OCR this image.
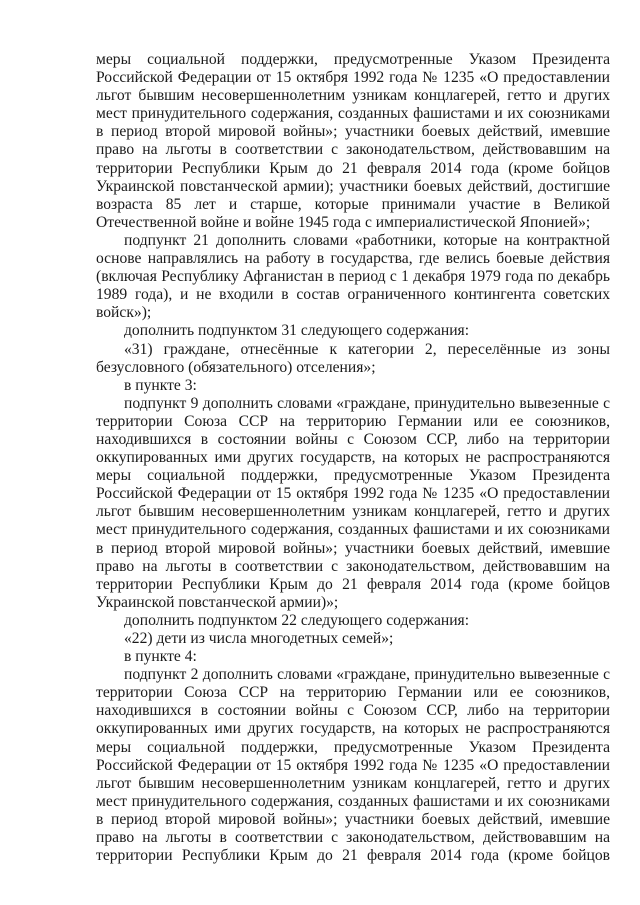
меры социальной поддержки, предусмотренные Указом Президента
Российской Федерации от 15 октября 1992 года № 1235 «О предоставлении
льгот бывшим несовершеннолетним узникам концлагерей, гетто и других
мест принудительного содержания, созданных фашистами и их союзниками
в период второй мировой войны»; участники боевых действий, имевшие
право на льготы в соответствии с законодательством, действовавшим на
территории Республики Крым до 21 февраля 2014 года (кроме бойцов
Украинской повстанческой армии); участники боевых действий, достигшие
возраста 85 лет и старше, которые принимали участие в Великой
Отечественной войне и войне 1945 года с империалистической Японией»;
подпункт 21 дополнить словами «работники, которые на контрактной
основе направлялись на работу в государства, где велись боевые действия
(включая Республику Афганистан в период с 1 декабря 1979 года по декабрь
1989 года), и не входили в состав ограниченного контингента советских
войск»);
дополнить подпунктом 31 следующего содержания:
«31) граждане, отнесённые к категории 2, переселённые из зоны
безусловного (обязательного) отселения»;
в пункте 3:
подпункт 9 дополнить словами «граждане, принудительно вывезенные с
территории Союза ССР на территорию Германии или ее союзников,
находившихся в состоянии войны с Союзом ССР, либо на территории
оккупированных ими других государств, на которых не распространяются
меры социальной поддержки, предусмотренные Указом Президента
Российской Федерации от 15 октября 1992 года № 1235 «О предоставлении
льгот бывшим несовершеннолетним узникам концлагерей, гетто и других
мест принудительного содержания, созданных фашистами и их союзниками
в период второй мировой войны»; участники боевых действий, имевшие
право на льготы в соответствии с законодательством, действовавшим на
территории Республики Крым до 21 февраля 2014 года (кроме бойцов
Украинской повстанческой армии)»;
дополнить подпунктом 22 следующего содержания:
«22) дети из числа многодетных семей»;
в пункте 4:
подпункт 2 дополнить словами «граждане, принудительно вывезенные с
территории Союза ССР на территорию Германии или ее союзников,
находившихся в состоянии войны с Союзом ССР, либо на территории
оккупированных ими других государств, на которых не распространяются
меры социальной поддержки, предусмотренные Указом Президента
Российской Федерации от 15 октября 1992 года № 1235 «О предоставлении
льгот бывшим несовершеннолетним узникам концлагерей, гетто и других
мест принудительного содержания, созданных фашистами и их союзниками
в период второй мировой войны»; участники боевых действий, имевшие
право на льготы в соответствии с законодательством, действовавшим на
территории Республики Крым до 21 февраля 2014 года (кроме бойцов
